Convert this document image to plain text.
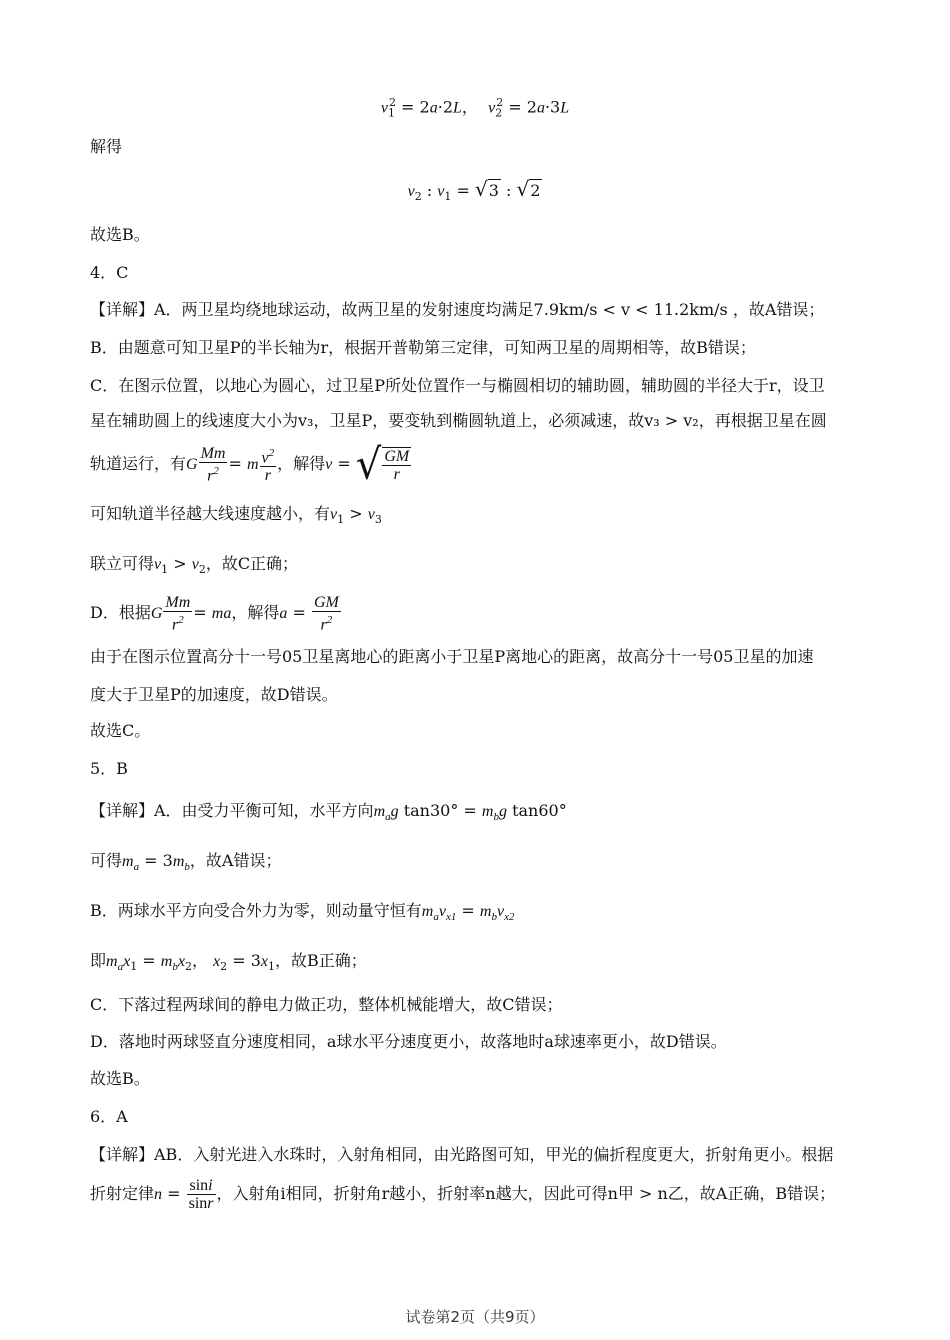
$v_1^2 = 2a\cdot 2L$，  $v_2^2 = 2a\cdot 3L$
解得
$v_2$ : $v_1 = √3$ : √2
故选B。
4．C
【详解】A．两卫星均绕地球运动，故两卫星的发射速度均满足7.9km/s < v < 11.2km/s ，故A错误；
B．由题意可知卫星P的半长轴为r，根据开普勒第三定律，可知两卫星的周期相等，故B错误；
C．在图示位置，以地心为圆心，过卫星P所处位置作一与椭圆相切的辅助圆，辅助圆的半径大于r，设卫
星在辅助圆上的线速度大小为v₃，卫星P，要变轨到椭圆轨道上，必须减速，故v₃ > v₂，再根据卫星在圆
轨道运行，有G $\frac{Mm}{r^2} = m \frac{v^2}{r}$ ，解得v = √ $\frac{GM}{r}$
可知轨道半径越大线速度越小，有$v_1 > v_3$
联立可得$v_1 > v_2$，故C正确；
D．根据G $\frac{Mm}{r^2}$ = ma，解得$a = \frac{GM}{r^2}$
由于在图示位置高分十一号05卫星离地心的距离小于卫星P离地心的距离，故高分十一号05卫星的加速
度大于卫星P的加速度，故D错误。
故选C。
5．B
【详解】A．由受力平衡可知，水平方向$m_ag$ $\tan 30^\circ = m_bg$ tan60°
可得$m_a = 3m_b$，故A错误；
B．两球水平方向受合外力为零，则动量守恒有$m_av_{x1} = m_bv_{x2}$
即$m_ax_1 = m_bx_2$， $x_2 = 3x_1$，故B正确；
C．下落过程两球间的静电力做正功，整体机械能增大，故C错误；
D．落地时两球竖直分速度相同，a球水平分速度更小，故落地时a球速率更小，故D错误。
故选B。
6．A
【详解】AB．入射光进入水珠时，入射角相同，由光路图可知，甲光的偏折程度更大，折射角更小。根据
折射定律$n = \frac{\sin i}{\sin r}$ ，入射角i相同，折射角r越小，折射率n越大，因此可得n甲 > n乙，故A正确，B错误；
试卷第2页（共9页）
